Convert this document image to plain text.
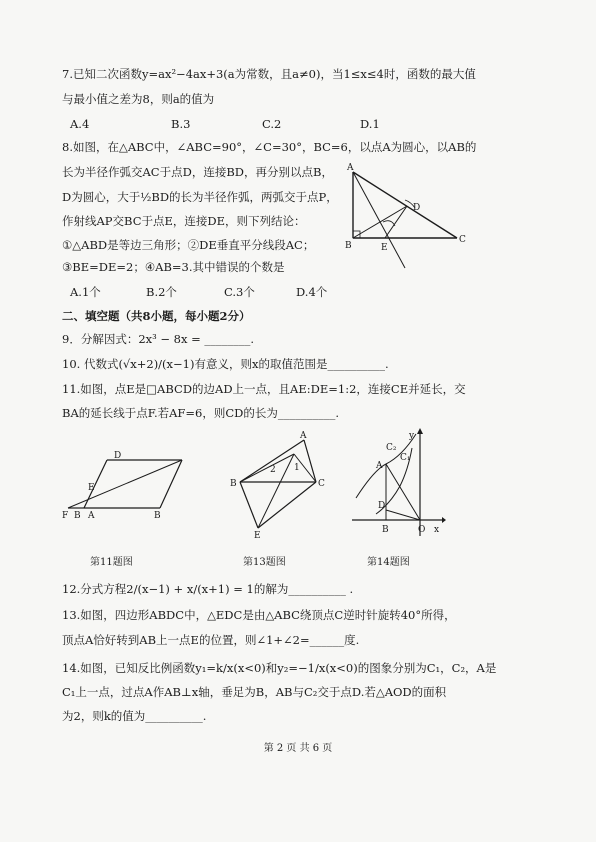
7.已知二次函数y=ax²−4ax+3(a为常数，且a≠0)，当1≤x≤4时，函数的最大值
与最小值之差为8，则a的值为
A.4	B.3	C.2	D.1
8.如图，在△ABC中，∠ABC=90°，∠C=30°，BC=6，以点A为圆心，以AB的
长为半径作弧交AC于点D，连接BD，再分别以点B，
D为圆心，大于½BD的长为半径作弧，两弧交于点P，
作射线AP交BC于点E，连接DE，则下列结论：
①△ABD是等边三角形；②DE垂直平分线段AC；
③BE=DE=2；④AB=3.其中错误的个数是
A.1个	B.2个	C.3个	D.4个
A
D
B	E
C
二、填空题（共8小题，每小题2分）
9．分解因式：2x³ − 8x = ________.
10. 代数式(√x+2)/(x−1)有意义，则x的取值范围是__________.
11.如图，点E是□ABCD的边AD上一点，且AE:DE=1:2，连接CE并延长，交
BA的延长线于点F.若AF=6，则CD的长为__________.
D
E
F B A	B
第11题图
A
2 1
B	C
E
第13题图
y
C₂
C₁
A
D
B	O x
第14题图
12.分式方程2/(x−1) + x/(x+1) = 1的解为__________ .
13.如图，四边形ABDC中，△EDC是由△ABC绕顶点C逆时针旋转40°所得，
顶点A恰好转到AB上一点E的位置，则∠1+∠2=______度.
14.如图，已知反比例函数y₁=k/x(x<0)和y₂=−1/x(x<0)的图象分别为C₁，C₂，A是
C₁上一点，过点A作AB⊥x轴，垂足为B，AB与C₂交于点D.若△AOD的面积
为2，则k的值为__________.
第 2 页 共 6 页
